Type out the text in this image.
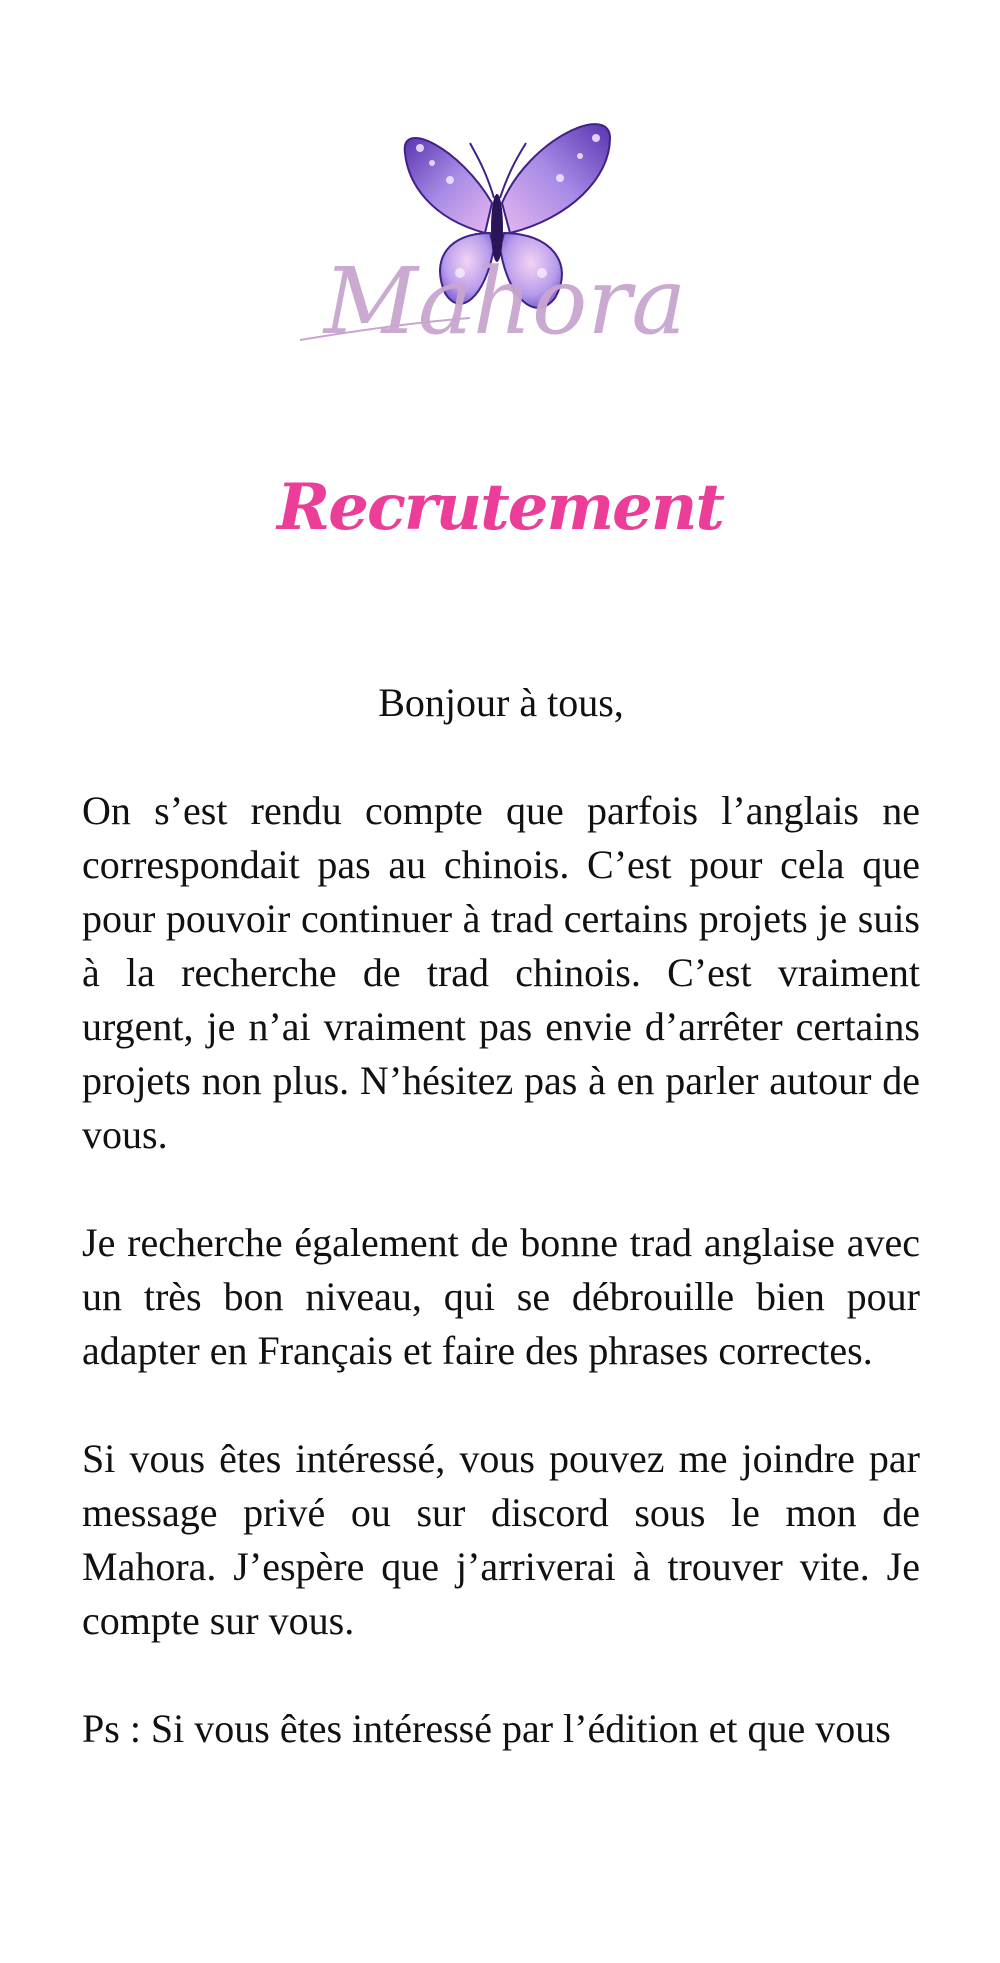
Mahora
Recrutement

Bonjour à tous,

On s’est rendu compte que parfois l’anglais ne correspondait pas au chinois. C’est pour cela que pour pouvoir continuer à trad certains projets je suis à la recherche de trad chinois. C’est vraiment urgent, je n’ai vraiment pas envie d’arrêter certains projets non plus. N’hésitez pas à en parler autour de vous.

Je recherche également de bonne trad anglaise avec un très bon niveau, qui se débrouille bien pour adapter en Français et faire des phrases correctes.

Si vous êtes intéressé, vous pouvez me joindre par message privé ou sur discord sous le mon de Mahora. J’espère que j’arriverai à trouver vite. Je compte sur vous.

Ps : Si vous êtes intéressé par l’édition et que vous
